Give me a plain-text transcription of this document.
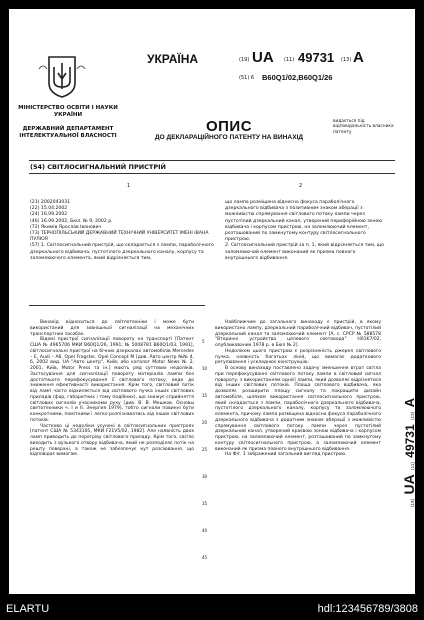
МІНІСТЕРСТВО ОСВІТИ І НАУКИ УКРАЇНИ
ДЕРЖАВНИЙ ДЕПАРТАМЕНТ ІНТЕЛЕКТУАЛЬНОЇ ВЛАСНОСТІ
УКРАЇНА	(19) UA (11) 49731 (13) A
(51) 6 B60Q1/02,B60Q1/26
ОПИС
ДО ДЕКЛАРАЦІЙНОГО ПАТЕНТУ НА ВИНАХІД
видається під відповідальність власника патенту
(54) СВІТЛОСИГНАЛЬНИЙ ПРИСТРІЙ
1	2
(21) 2002043031
(22) 15.04.2002
(24) 16.09.2002
(46) 16.09.2002, Бюл. № 9, 2002 р.
(72) Якимів Ярослав Іванович
(73) ТЕРНОПІЛЬСЬКИЙ ДЕРЖАВНИЙ ТЕХНІЧНИЙ УНІВЕРСИТЕТ ІМЕНІ ІВАНА ПУЛЮЯ
(57) 1. Світлосигнальний пристрій, що складається з лампи, параболічного дзеркального відбивача, пустотілого дзеркального каналу, корпусу та заломлюючого елемента, який відрізняється тим,
що лампа розміщена відносно фокуса параболічного дзеркального відбивача з позитивним знаком аберації з можливістю спрямування світлового потоку лампи через пустотілий дзеркальний канал, утворений периферійною зоною відбивача і корпусом пристрою, на заломлюючий елемент, розташований по замкнутому контуру світлосигнального пристрою.
2. Світлосигнальний пристрій за п. 1, який відрізняється тим, що заломлюючий елемент виконаний як призма повного внутрішнього відбивання.

Винахід відноситься до світлотехніки і може бути використаний для зовнішньої сигналізації на механічних транспортних засобах.

Відомі пристрої сигналізації повороту на транспорті [Патент США № 4965706 МКИ B60Q1/26, 1991; № 5008781 B60Q1/03, 1991], світлосигнальні пристрої на бічних дзеркалах автомобілів Mercedes – E, Audi – A6, Opel Frogster, Opel Concept M [див. Авто центр №№ 4, 6, 2002 вид. UA "Авто центр", Київ; або каталог Motor News № 2, 2001, Київ, Motor Press та ін.] мають ряд суттєвих недоліків. Застосування для сигналізації повороту матеріалів лампи без достатнього перефокусування її світлового потоку, веде до зниження ефективності використання. Крім того, світловий потік від ламп часто відхиляється від світлового пучка інших світлових приладів (фар, габаритних і тому подібних), що знижує сприйняття світлових сигналів учасниками руху [див. В. В. Мешков. Основы светотехники ч. I и II. Энергия 1979], тобто сигнали повинні бути конкретними, помітними і легко розпізнаватись від інших світлових потоків.

Частково ці недоліки усунені в світлосигнальних пристроях [патент США № 5343105, МКИ F21V5/02, 1982]. Але наявність двох ламп приводить до перегріву світлового приладу. Крім того, світло виходить з вузького отвору відбивача, який не розподіляє потік на решту поверхні, а також не забезпечує кут розсіювання, що відповідає вимогам.

5
10
15
20
25
30
35
40
45

Найближчим до загального винаходу є пристрій, в якому використано лампу, дзеркальний параболічний відбивач, пустотілий дзеркальний канал та заломлюючий елемент [А. с. СРСР № 588578 "Вторинні устройства целевого световода" H01K7/02, опубликование 1978 р. в Бюл № 2].

Недоліком цього пристрою є розрізненість джерел світлового пучка, наявність багатьох ліній, що вимагає додаткового регулювання і ускладнює конструкцію.

В основу винаходу поставлено задачу зменшення втрат світла при перефокусуванні світлового потоку лампи в світловий сигнал повороту, з використанням однієї лампи, який дозволяє відрізнятися від інших світлових потоків. Площа світлового відбивача, яка дозволяє розширити площу сигналу та покращити дизайн автомобіля, шляхом використання світлосигнального пристрою, який складається з лампи, параболічного дзеркального відбивача, пустотілого дзеркального каналу, корпусу та заломлюючого елемента, причому лампа розміщена відносно фокуса параболічного дзеркального відбивача з додатним знаком аберації з можливістю спрямування світлового потоку лампи через пустотілий дзеркальний канал, утворений краєвою зоною відбивача і корпусом пристрою, на заломлюючий елемент, розташований по замкнутому контуру світлосигнального пристрою, а заломлюючий елемент виконаний як призма повного внутрішнього відбивання.

На Фіг. 1 зображений загальний вигляд пристрою.

(19) UA (11) 49731 (13) A
ELARTU	hdl:123456789/3808
